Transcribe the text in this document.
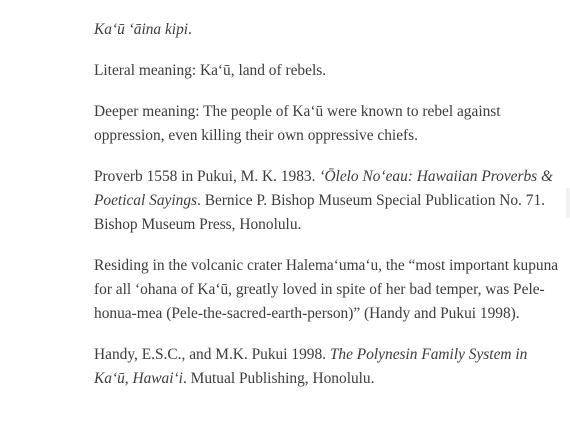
Ka‘ū ‘āina kipi.

Literal meaning: Ka‘ū, land of rebels.

Deeper meaning: The people of Ka‘ū were known to rebel against oppression, even killing their own oppressive chiefs.

Proverb 1558 in Pukui, M. K. 1983. ‘Ōlelo No‘eau: Hawaiian Proverbs & Poetical Sayings. Bernice P. Bishop Museum Special Publication No. 71. Bishop Museum Press, Honolulu.

Residing in the volcanic crater Halema‘uma‘u, the “most important kupuna for all ‘ohana of Ka‘ū, greatly loved in spite of her bad temper, was Pele-honua-mea (Pele-the-sacred-earth-person)” (Handy and Pukui 1998).

Handy, E.S.C., and M.K. Pukui 1998. The Polynesin Family System in Ka‘ū, Hawai‘i. Mutual Publishing, Honolulu.
